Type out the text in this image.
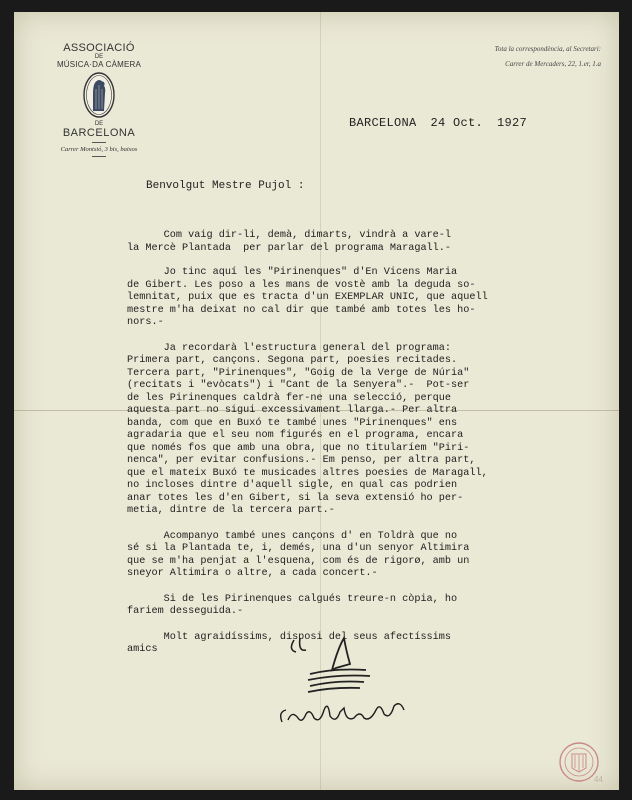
ASSOCIACIÓ
DE
MÚSICA·DA CÀMERA
DE
BARCELONA
Carrer Montsió, 3 bis, baixos
Tota la correspondència, al Secretari:
Carrer de Mercaders, 22, 1.er, 1.a
BARCELONA 24 Oct. 1927
Benvolgut Mestre Pujol :

Com vaig dir-li, demà, dimarts, vindrà a vare-l
la Mercè Plantada  per parlar del programa Maragall.-

Jo tinc aquí les "Pirinenques" d'En Vicens Maria
de Gibert. Les poso a les mans de vostè amb la deguda so-
lemnitat, puix que es tracta d'un EXEMPLAR UNIC, que aquell
mestre m'ha deixat no cal dir que també amb totes les ho-
nors.-

Ja recordarà l'estructura general del programa:
Primera part, cançons. Segona part, poesies recitades.
Tercera part, "Pirinenques", "Goig de la Verge de Núria"
(recitats i "evòcats") i "Cant de la Senyera".-  Pot-ser
de les Pirinenques caldrà fer-ne una selecció, perque
aquesta part no sigui excessivament llarga.- Per altra
banda, com que en Buxó te també unes "Pirinenques" ens
agradaria que el seu nom figurés en el programa, encara
que només fos que amb una obra, que no titularíem "Piri-
nenca", per evitar confusions.- Em penso, per altra part,
que el mateix Buxó te musicades altres poesies de Maragall,
no incloses dintre d'aquell sigle, en qual cas podrien
anar totes les d'en Gibert, si la seva extensió ho per-
metia, dintre de la tercera part.-

Acompanyo també unes cançons d' en Toldrà que no
sé si la Plantada te, i, demés, una d'un senyor Altimira
que se m'ha penjat a l'esquena, com és de rigorø, amb un
sneyor Altimira o altre, a cada concert.-

Si de les Pirinenques calgués treure-n còpia, ho
fariem desseguida.-

Molt agraidíssims, disposi del seus afectíssims
amics

44
